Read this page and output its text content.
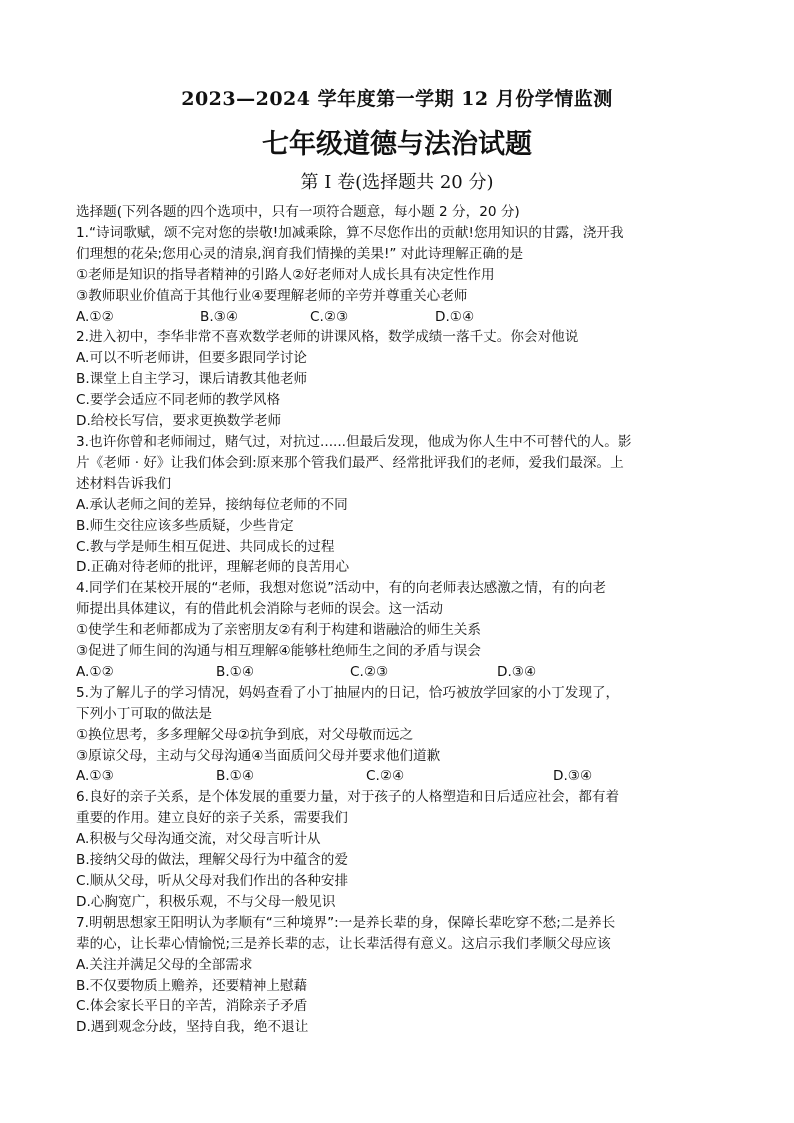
2023—2024 学年度第一学期 12 月份学情监测
七年级道德与法治试题
第 I 卷(选择题共 20 分)

选择题(下列各题的四个选项中，只有一项符合题意，每小题 2 分，20 分)

1.“诗词歌赋，颂不完对您的崇敬!加减乘除，算不尽您作出的贡献!您用知识的甘露，浇开我

们理想的花朵;您用心灵的清泉,润育我们情操的美果!” 对此诗理解正确的是

①老师是知识的指导者精神的引路人②好老师对人成长具有决定性作用

③教师职业价值高于其他行业④要理解老师的辛劳并尊重关心老师

A.①②	B.③④	C.②③	D.①④

2.进入初中，李华非常不喜欢数学老师的讲课风格，数学成绩一落千丈。你会对他说

A.可以不听老师讲，但要多跟同学讨论

B.课堂上自主学习，课后请教其他老师

C.要学会适应不同老师的教学风格

D.给校长写信，要求更换数学老师

3.也许你曾和老师闹过，赌气过，对抗过......但最后发现，他成为你人生中不可替代的人。影

片《老师 · 好》让我们体会到:原来那个管我们最严、经常批评我们的老师，爱我们最深。上

述材料告诉我们

A.承认老师之间的差异，接纳每位老师的不同

B.师生交往应该多些质疑，少些肯定

C.教与学是师生相互促进、共同成长的过程

D.正确对待老师的批评，理解老师的良苦用心

4.同学们在某校开展的“老师，我想对您说”活动中，有的向老师表达感激之情，有的向老

师提出具体建议，有的借此机会消除与老师的误会。这一活动

①使学生和老师都成为了亲密朋友②有利于构建和谐融洽的师生关系

③促进了师生间的沟通与相互理解④能够杜绝师生之间的矛盾与误会

A.①②	B.①④	C.②③	D.③④

5.为了解儿子的学习情况，妈妈查看了小丁抽屉内的日记，恰巧被放学回家的小丁发现了，

下列小丁可取的做法是

①换位思考，多多理解父母②抗争到底，对父母敬而远之

③原谅父母，主动与父母沟通④当面质问父母并要求他们道歉

A.①③	B.①④	C.②④	D.③④

6.良好的亲子关系，是个体发展的重要力量，对于孩子的人格塑造和日后适应社会，都有着

重要的作用。建立良好的亲子关系，需要我们

A.积极与父母沟通交流，对父母言听计从

B.接纳父母的做法，理解父母行为中蕴含的爱

C.顺从父母，听从父母对我们作出的各种安排

D.心胸宽广，积极乐观，不与父母一般见识

7.明朝思想家王阳明认为孝顺有“三种境界”:一是养长辈的身，保障长辈吃穿不愁;二是养长

辈的心，让长辈心情愉悦;三是养长辈的志，让长辈活得有意义。这启示我们孝顺父母应该

A.关注并满足父母的全部需求

B.不仅要物质上赡养，还要精神上慰藉

C.体会家长平日的辛苦，消除亲子矛盾

D.遇到观念分歧，坚持自我，绝不退让
